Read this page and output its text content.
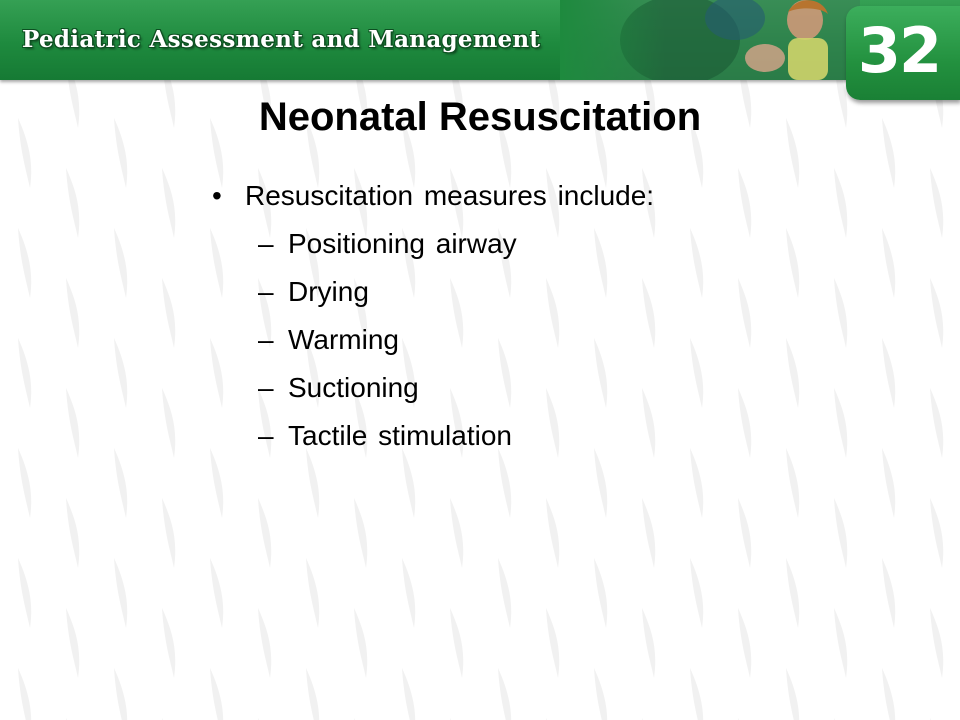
Pediatric Assessment and Management	32
Neonatal Resuscitation
• Resuscitation measures include:
– Positioning airway
– Drying
– Warming
– Suctioning
– Tactile stimulation
